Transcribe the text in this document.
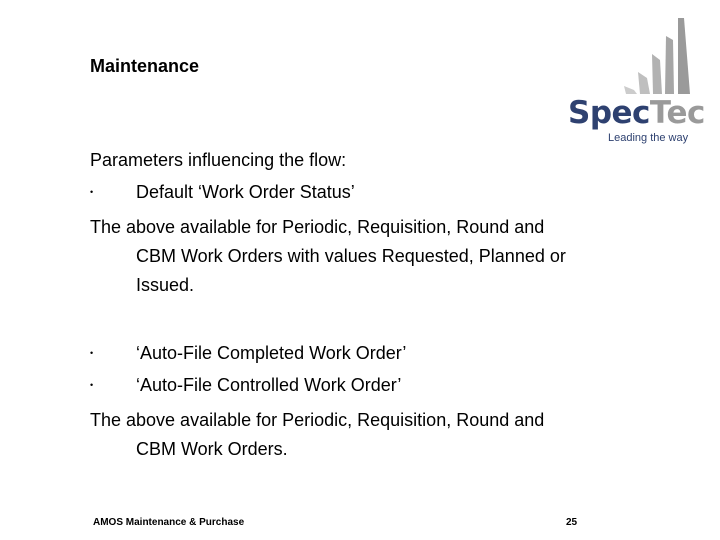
Maintenance
SpecTec
Leading the way
Parameters influencing the flow:
• Default ‘Work Order Status’
The above available for Periodic, Requisition, Round and
CBM Work Orders with values Requested, Planned or
Issued.
• ‘Auto-File Completed Work Order’
• ‘Auto-File Controlled Work Order’
The above available for Periodic, Requisition, Round and
CBM Work Orders.
AMOS Maintenance & Purchase	25
